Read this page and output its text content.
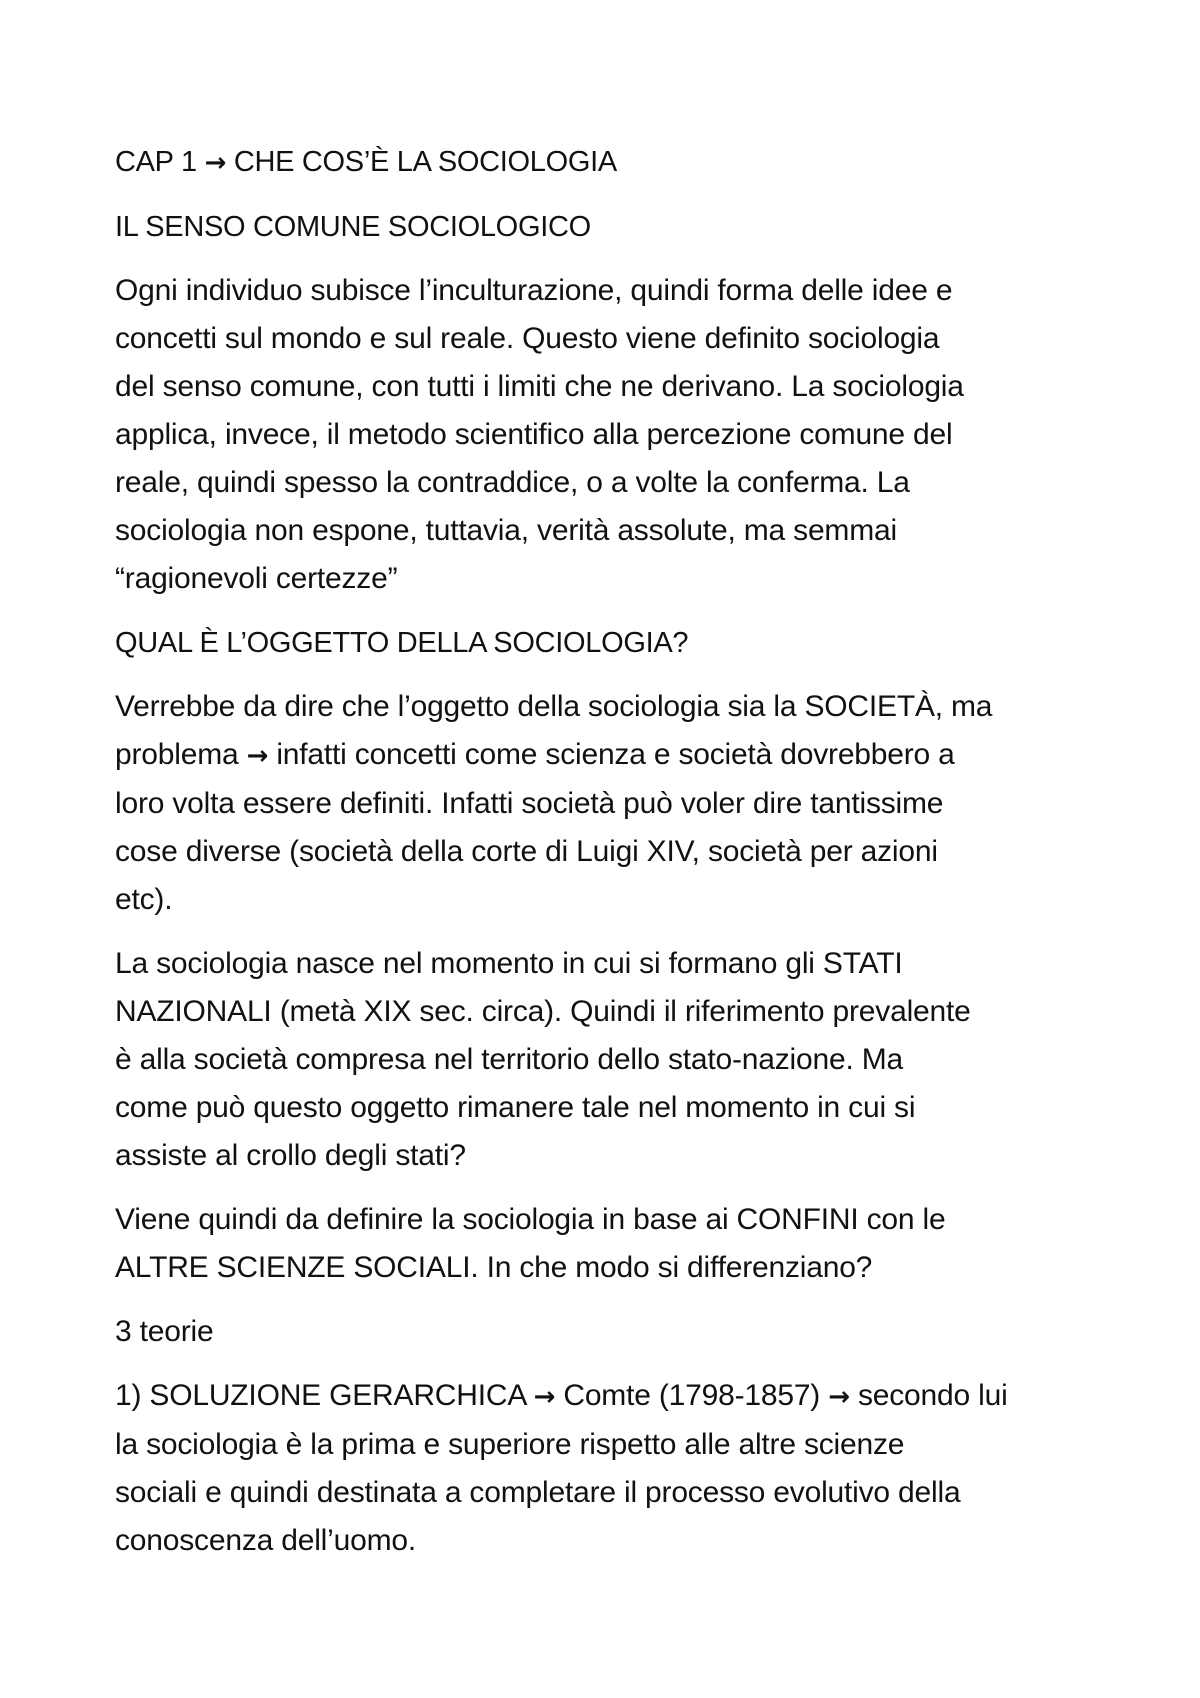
CAP 1 → CHE COS’È LA SOCIOLOGIA
IL SENSO COMUNE SOCIOLOGICO
Ogni individuo subisce l’inculturazione, quindi forma delle idee e
concetti sul mondo e sul reale. Questo viene definito sociologia
del senso comune, con tutti i limiti che ne derivano. La sociologia
applica, invece, il metodo scientifico alla percezione comune del
reale, quindi spesso la contraddice, o a volte la conferma. La
sociologia non espone, tuttavia, verità assolute, ma semmai
“ragionevoli certezze”
QUAL È L’OGGETTO DELLA SOCIOLOGIA?
Verrebbe da dire che l’oggetto della sociologia sia la SOCIETÀ, ma
problema → infatti concetti come scienza e società dovrebbero a
loro volta essere definiti. Infatti società può voler dire tantissime
cose diverse (società della corte di Luigi XIV, società per azioni
etc).
La sociologia nasce nel momento in cui si formano gli STATI
NAZIONALI (metà XIX sec. circa). Quindi il riferimento prevalente
è alla società compresa nel territorio dello stato-nazione. Ma
come può questo oggetto rimanere tale nel momento in cui si
assiste al crollo degli stati?
Viene quindi da definire la sociologia in base ai CONFINI con le
ALTRE SCIENZE SOCIALI. In che modo si differenziano?
3 teorie
1) SOLUZIONE GERARCHICA → Comte (1798-1857) → secondo lui
la sociologia è la prima e superiore rispetto alle altre scienze
sociali e quindi destinata a completare il processo evolutivo della
conoscenza dell’uomo.
